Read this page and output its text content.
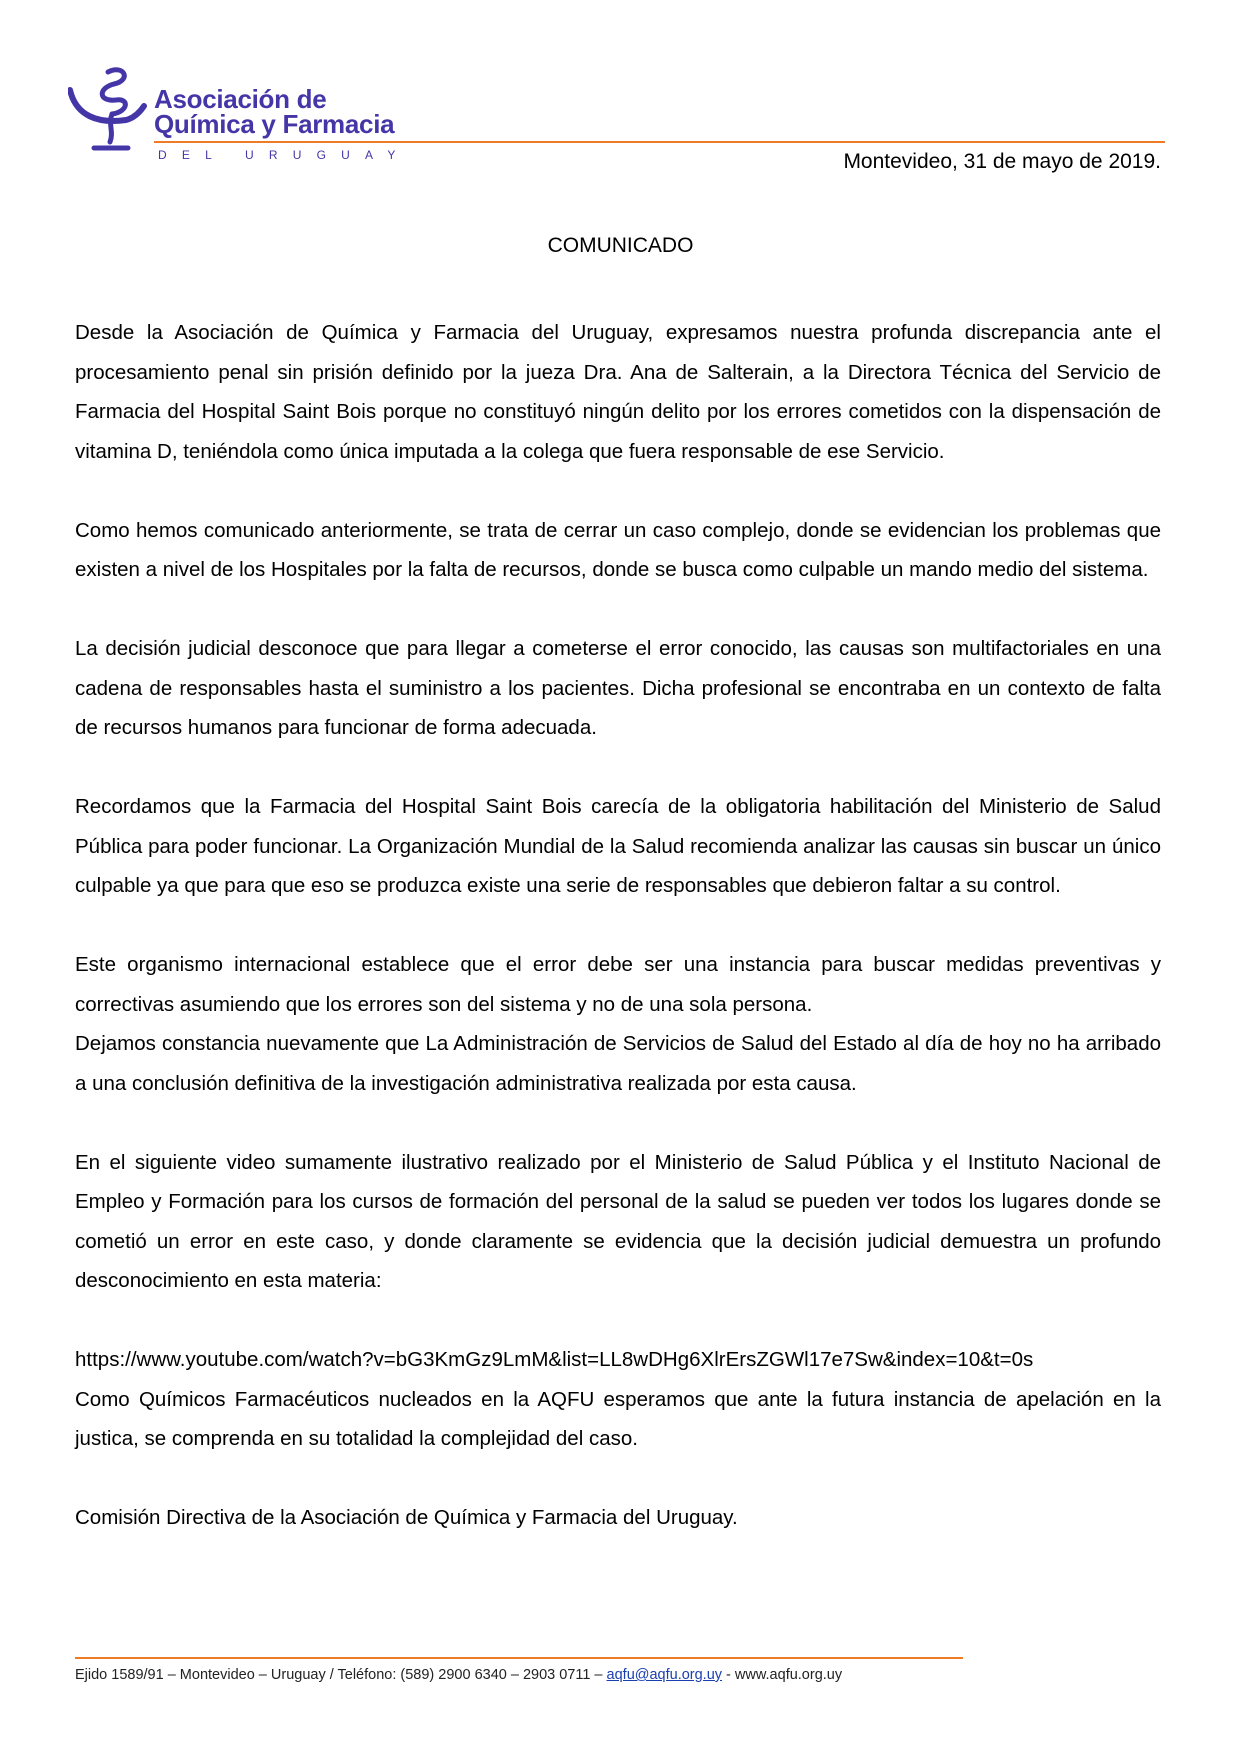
Asociación de
Química y Farmacia
DEL URUGUAY	Montevideo, 31 de mayo de 2019.
COMUNICADO

Desde la Asociación de Química y Farmacia del Uruguay, expresamos nuestra profunda discrepancia ante el procesamiento penal sin prisión definido por la jueza Dra. Ana de Salterain, a la Directora Técnica del Servicio de Farmacia del Hospital Saint Bois porque no constituyó ningún delito por los errores cometidos con la dispensación de vitamina D, teniéndola como única imputada a la colega que fuera responsable de ese Servicio.

Como hemos comunicado anteriormente, se trata de cerrar un caso complejo, donde se evidencian los problemas que existen a nivel de los Hospitales por la falta de recursos, donde se busca como culpable un mando medio del sistema.

La decisión judicial desconoce que para llegar a cometerse el error conocido, las causas son multifactoriales en una cadena de responsables hasta el suministro a los pacientes. Dicha profesional se encontraba en un contexto de falta de recursos humanos para funcionar de forma adecuada.

Recordamos que la Farmacia del Hospital Saint Bois carecía de la obligatoria habilitación del Ministerio de Salud Pública para poder funcionar. La Organización Mundial de la Salud recomienda analizar las causas sin buscar un único culpable ya que para que eso se produzca existe una serie de responsables que debieron faltar a su control.

Este organismo internacional establece que el error debe ser una instancia para buscar medidas preventivas y correctivas asumiendo que los errores son del sistema y no de una sola persona.

Dejamos constancia nuevamente que La Administración de Servicios de Salud del Estado al día de hoy no ha arribado a una conclusión definitiva de la investigación administrativa realizada por esta causa.

En el siguiente video sumamente ilustrativo realizado por el Ministerio de Salud Pública y el Instituto Nacional de Empleo y Formación para los cursos de formación del personal de la salud se pueden ver todos los lugares donde se cometió un error en este caso, y donde claramente se evidencia que la decisión judicial demuestra un profundo desconocimiento en esta materia:

https://www.youtube.com/watch?v=bG3KmGz9LmM&list=LL8wDHg6XlrErsZGWl17e7Sw&index=10&t=0s

Como Químicos Farmacéuticos nucleados en la AQFU esperamos que ante la futura instancia de apelación en la justica, se comprenda en su totalidad la complejidad del caso.

Comisión Directiva de la Asociación de Química y Farmacia del Uruguay.

Ejido 1589/91 – Montevideo – Uruguay / Teléfono: (589) 2900 6340 – 2903 0711 – aqfu@aqfu.org.uy - www.aqfu.org.uy
